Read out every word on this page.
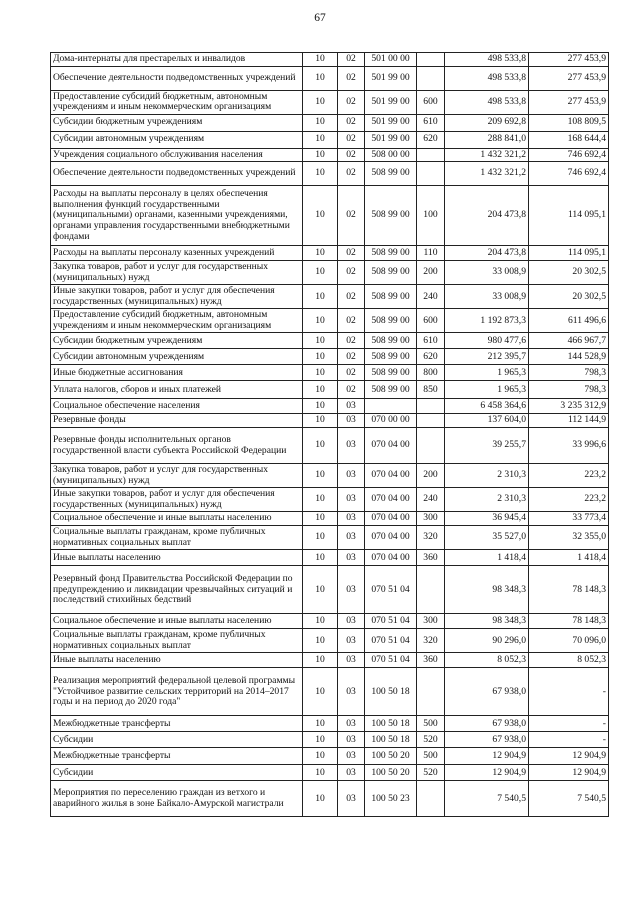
67
Дома-интернаты для престарелых и инвалидов	10	02	501 00 00		498 533,8	277 453,9
Обеспечение деятельности подведомственных учреждений	10	02	501 99 00		498 533,8	277 453,9
Предоставление субсидий бюджетным, автономным учреждениям и иным некоммерческим организациям	10	02	501 99 00	600	498 533,8	277 453,9
Субсидии бюджетным учреждениям	10	02	501 99 00	610	209 692,8	108 809,5
Субсидии автономным учреждениям	10	02	501 99 00	620	288 841,0	168 644,4
Учреждения социального обслуживания населения	10	02	508 00 00		1 432 321,2	746 692,4
Обеспечение деятельности подведомственных учреждений	10	02	508 99 00		1 432 321,2	746 692,4
Расходы на выплаты персоналу в целях обеспечения выполнения функций государственными (муниципальными) органами, казенными учреждениями, органами управления государственными внебюджетными фондами	10	02	508 99 00	100	204 473,8	114 095,1
Расходы на выплаты персоналу казенных учреждений	10	02	508 99 00	110	204 473,8	114 095,1
Закупка товаров, работ и услуг для государственных (муниципальных) нужд	10	02	508 99 00	200	33 008,9	20 302,5
Иные закупки товаров, работ и услуг для обеспечения государственных (муниципальных) нужд	10	02	508 99 00	240	33 008,9	20 302,5
Предоставление субсидий бюджетным, автономным учреждениям и иным некоммерческим организациям	10	02	508 99 00	600	1 192 873,3	611 496,6
Субсидии бюджетным учреждениям	10	02	508 99 00	610	980 477,6	466 967,7
Субсидии автономным учреждениям	10	02	508 99 00	620	212 395,7	144 528,9
Иные бюджетные ассигнования	10	02	508 99 00	800	1 965,3	798,3
Уплата налогов, сборов и иных платежей	10	02	508 99 00	850	1 965,3	798,3
Социальное обеспечение населения	10	03			6 458 364,6	3 235 312,9
Резервные фонды	10	03	070 00 00		137 604,0	112 144,9
Резервные фонды исполнительных органов государственной власти субъекта Российской Федерации	10	03	070 04 00		39 255,7	33 996,6
Закупка товаров, работ и услуг для государственных (муниципальных) нужд	10	03	070 04 00	200	2 310,3	223,2
Иные закупки товаров, работ и услуг для обеспечения государственных (муниципальных) нужд	10	03	070 04 00	240	2 310,3	223,2
Социальное обеспечение и иные выплаты населению	10	03	070 04 00	300	36 945,4	33 773,4
Социальные выплаты гражданам, кроме публичных нормативных социальных выплат	10	03	070 04 00	320	35 527,0	32 355,0
Иные выплаты населению	10	03	070 04 00	360	1 418,4	1 418,4
Резервный фонд Правительства Российской Федерации по предупреждению и ликвидации чрезвычайных ситуаций и последствий стихийных бедствий	10	03	070 51 04		98 348,3	78 148,3
Социальное обеспечение и иные выплаты населению	10	03	070 51 04	300	98 348,3	78 148,3
Социальные выплаты гражданам, кроме публичных нормативных социальных выплат	10	03	070 51 04	320	90 296,0	70 096,0
Иные выплаты населению	10	03	070 51 04	360	8 052,3	8 052,3
Реализация мероприятий федеральной целевой программы "Устойчивое развитие сельских территорий на 2014–2017 годы и на период до 2020 года"	10	03	100 50 18		67 938,0	-
Межбюджетные трансферты	10	03	100 50 18	500	67 938,0	-
Субсидии	10	03	100 50 18	520	67 938,0	-
Межбюджетные трансферты	10	03	100 50 20	500	12 904,9	12 904,9
Субсидии	10	03	100 50 20	520	12 904,9	12 904,9
Мероприятия по переселению граждан из ветхого и аварийного жилья в зоне Байкало-Амурской магистрали	10	03	100 50 23		7 540,5	7 540,5
